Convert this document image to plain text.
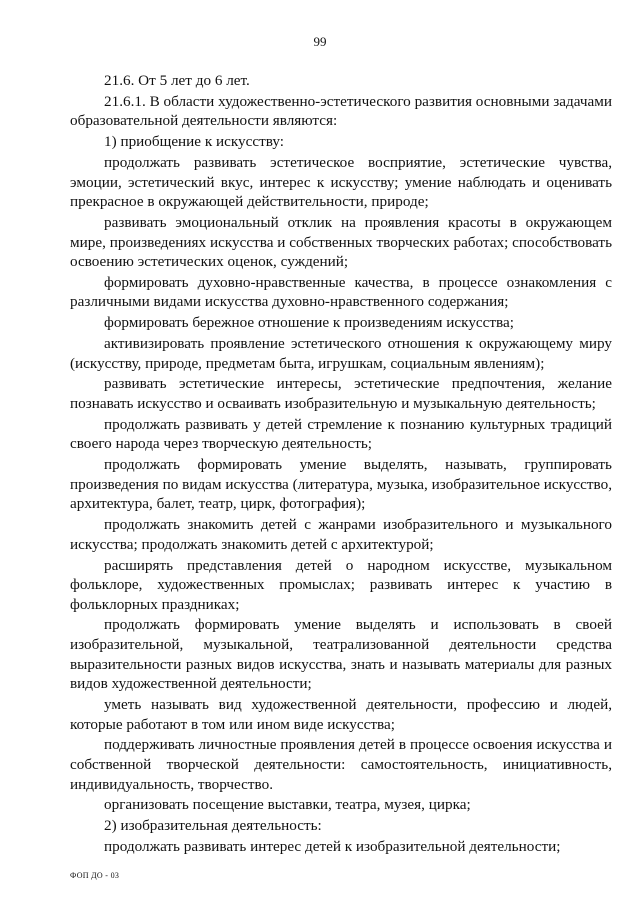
99

21.6. От 5 лет до 6 лет.

21.6.1. В области художественно-эстетического развития основными задачами образовательной деятельности являются:

1) приобщение к искусству:

продолжать развивать эстетическое восприятие, эстетические чувства, эмоции, эстетический вкус, интерес к искусству; умение наблюдать и оценивать прекрасное в окружающей действительности, природе;

развивать эмоциональный отклик на проявления красоты в окружающем мире, произведениях искусства и собственных творческих работах; способствовать освоению эстетических оценок, суждений;

формировать духовно-нравственные качества, в процессе ознакомления с различными видами искусства духовно-нравственного содержания;

формировать бережное отношение к произведениям искусства;

активизировать проявление эстетического отношения к окружающему миру (искусству, природе, предметам быта, игрушкам, социальным явлениям);

развивать эстетические интересы, эстетические предпочтения, желание познавать искусство и осваивать изобразительную и музыкальную деятельность;

продолжать развивать у детей стремление к познанию культурных традиций своего народа через творческую деятельность;

продолжать формировать умение выделять, называть, группировать произведения по видам искусства (литература, музыка, изобразительное искусство, архитектура, балет, театр, цирк, фотография);

продолжать знакомить детей с жанрами изобразительного и музыкального искусства; продолжать знакомить детей с архитектурой;

расширять представления детей о народном искусстве, музыкальном фольклоре, художественных промыслах; развивать интерес к участию в фольклорных праздниках;

продолжать формировать умение выделять и использовать в своей изобразительной, музыкальной, театрализованной деятельности средства выразительности разных видов искусства, знать и называть материалы для разных видов художественной деятельности;

уметь называть вид художественной деятельности, профессию и людей, которые работают в том или ином виде искусства;

поддерживать личностные проявления детей в процессе освоения искусства и собственной творческой деятельности: самостоятельность, инициативность, индивидуальность, творчество.

организовать посещение выставки, театра, музея, цирка;

2) изобразительная деятельность:

продолжать развивать интерес детей к изобразительной деятельности;

ФОП ДО - 03
